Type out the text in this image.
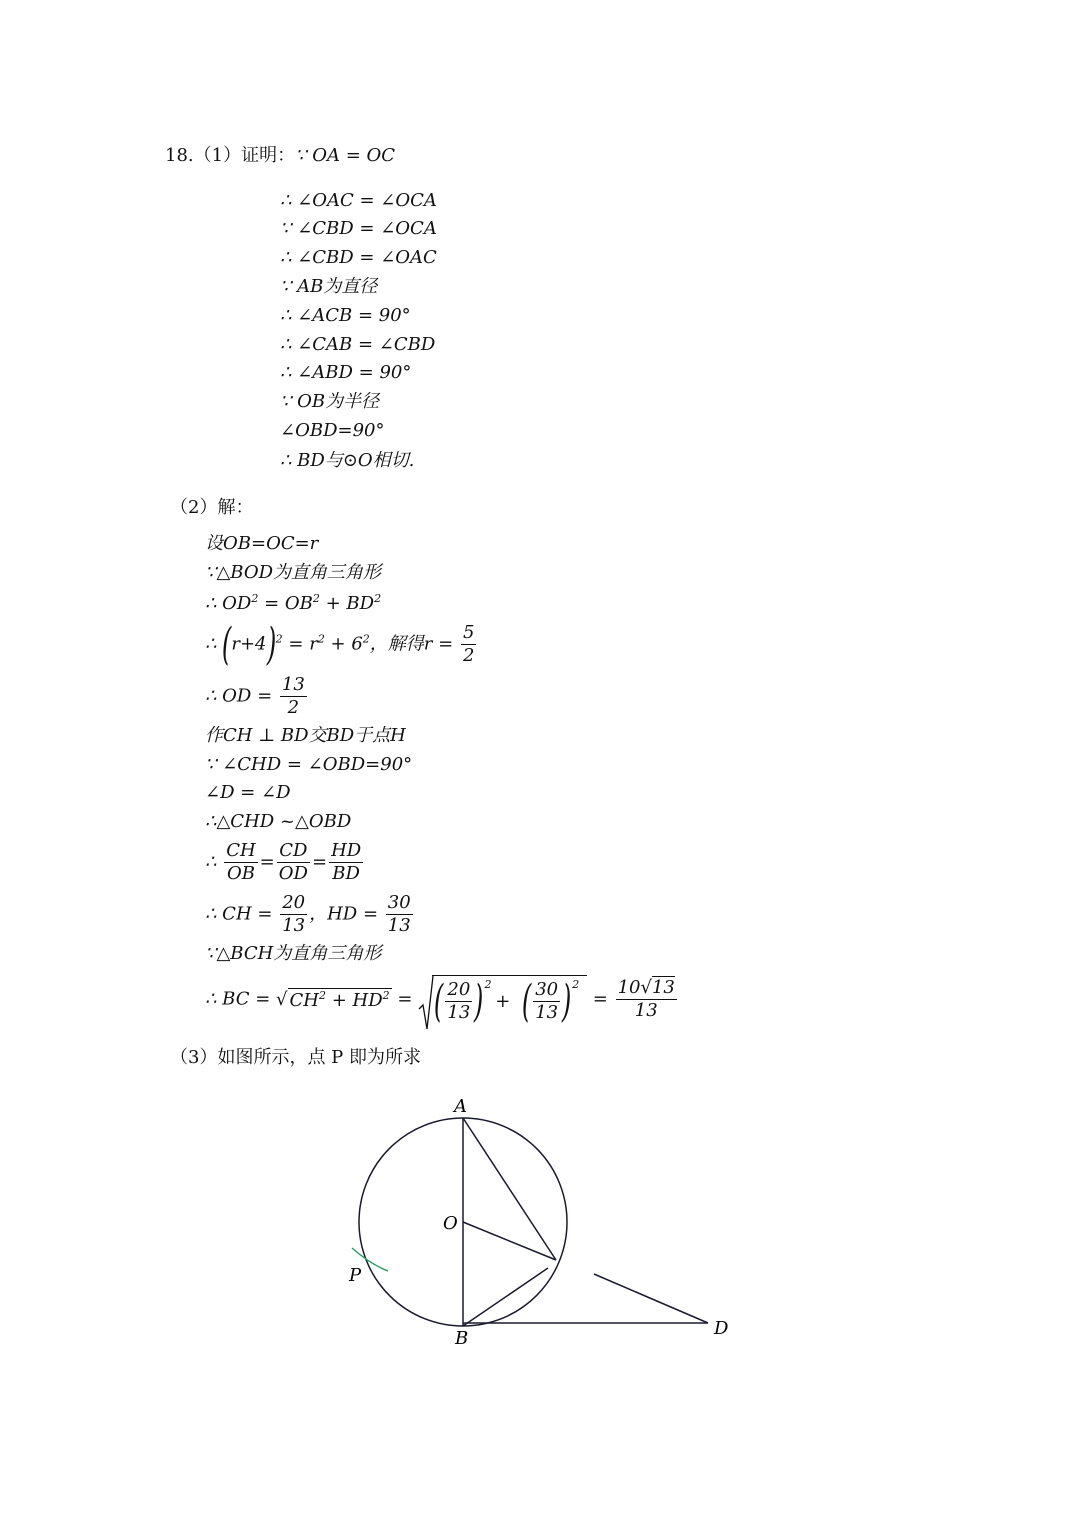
18.（1）证明：∵ OA = OC
∴ ∠OAC = ∠OCA
∵ ∠CBD = ∠OCA
∴ ∠CBD = ∠OAC
∵ AB为直径
∴ ∠ACB = 90°
∴ ∠CAB = ∠CBD
∴ ∠ABD = 90°
∵ OB为半径
∠OBD=90°
∴ BD与⊙O相切.
（2）解：
设OB=OC=r
∵△BOD为直角三角形
∴ $OD^2 = OB^2 + BD^2$
∴ $(r+4)^2 = r^2 + 6^2$，解得$r = \frac{5}{2}$
∴ OD = $\frac{13}{2}$
作CH ⊥ BD交BD于点H
∵ ∠CHD = ∠OBD=90°
∠D = ∠D
∴△CHD ~△OBD
∴ $\frac{CH}{OB} = \frac{CD}{OD} = \frac{HD}{BD}$
∴ CH = $\frac{20}{13}$ ，HD = $\frac{30}{13}$
∵△BCH为直角三角形
∴ BC = √ $CH^2 + HD^2$ = ( $\frac{20}{13}$ ) 2
+ ( $\frac{30}{13}$ ) 2
= $\frac{10√13}{13}$
（3）如图所示，点 P 即为所求
A
O
P
B	D
